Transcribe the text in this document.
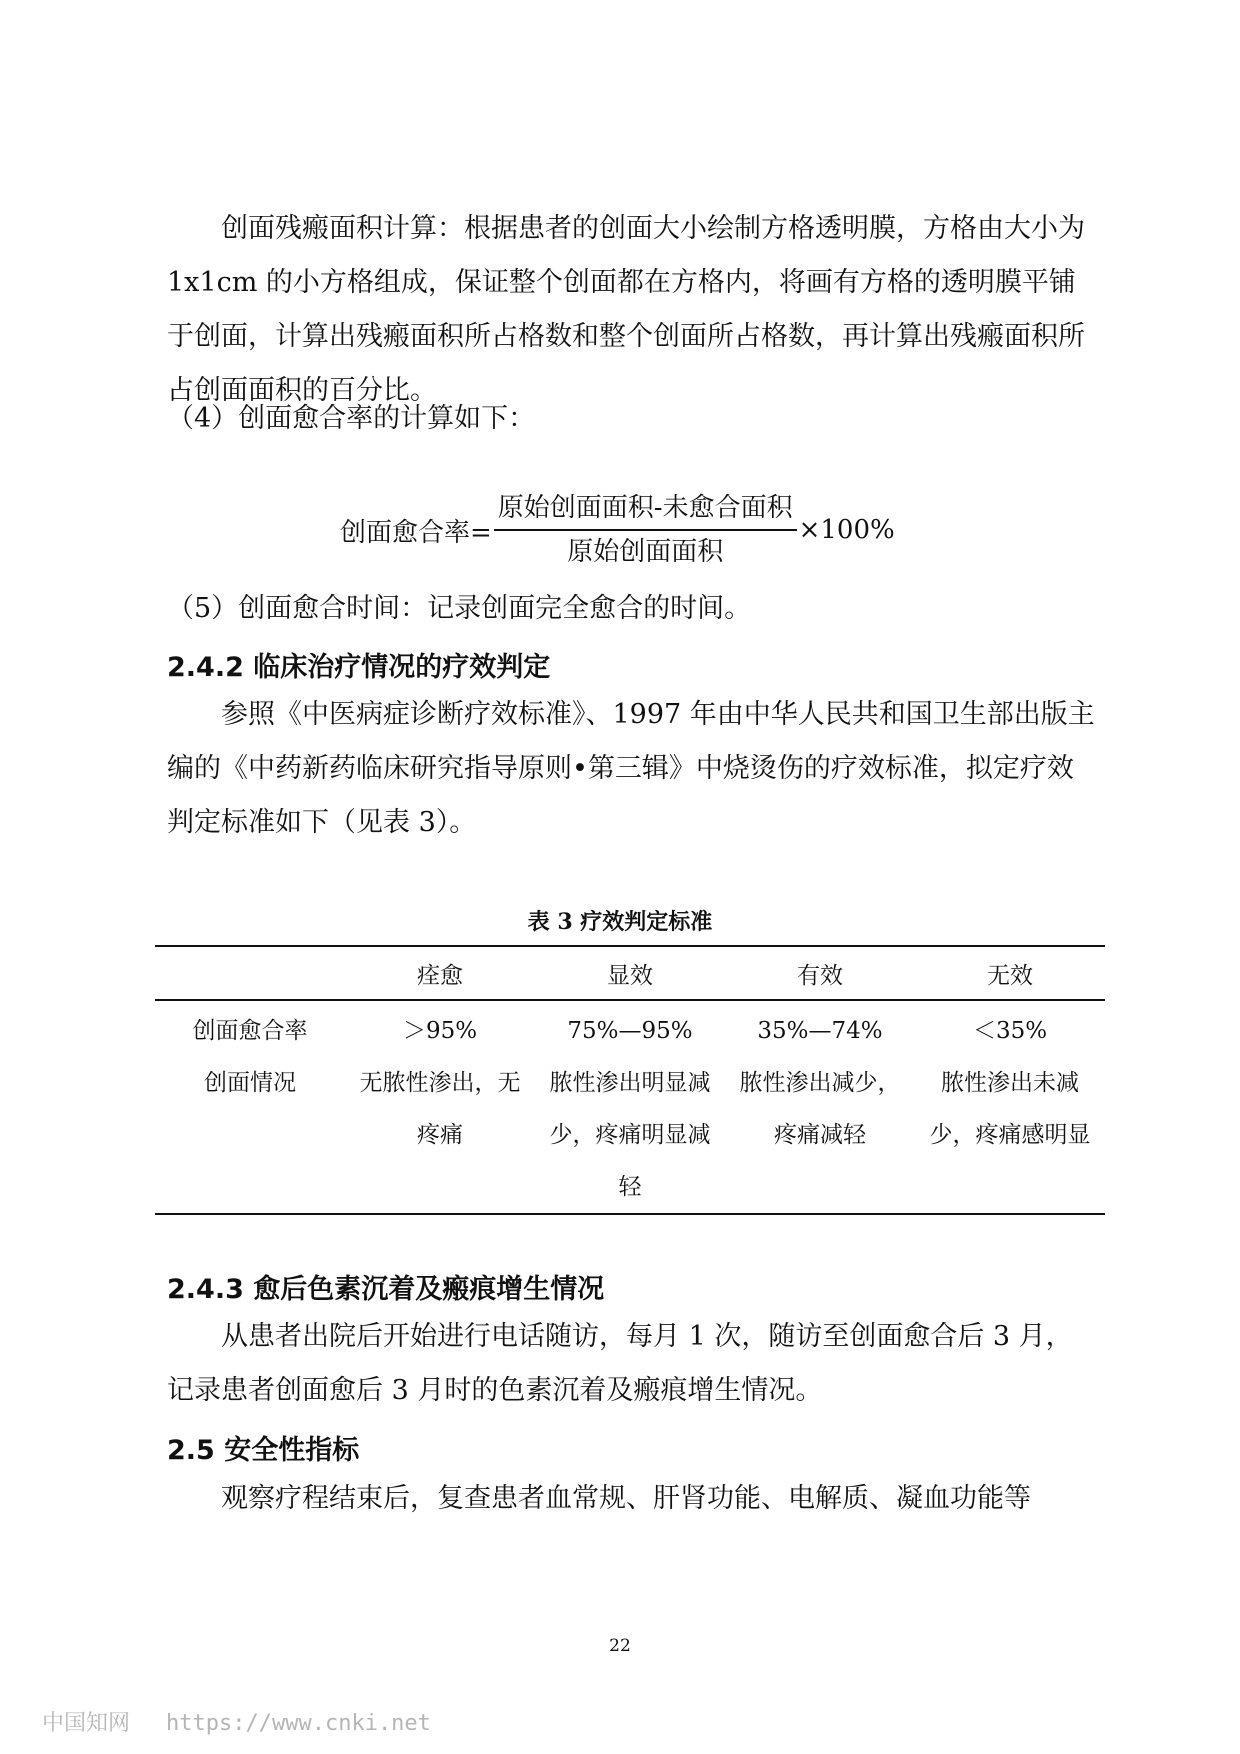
创面残瘢面积计算：根据患者的创面大小绘制方格透明膜，方格由大小为 1x1cm 的小方格组成，保证整个创面都在方格内，将画有方格的透明膜平铺于创面，计算出残瘢面积所占格数和整个创面所占格数，再计算出残瘢面积所占创面面积的百分比。
（4）创面愈合率的计算如下：
创面愈合率= $\frac{\text{原始创面面积-未愈合面积}}{\text{原始创面面积}} \times 100\%$
（5）创面愈合时间：记录创面完全愈合的时间。
2.4.2 临床治疗情况的疗效判定
参照《中医病症诊断疗效标准》、1997 年由中华人民共和国卫生部出版主编的《中药新药临床研究指导原则•第三辑》中烧烫伤的疗效标准，拟定疗效判定标准如下（见表 3）。
表 3 疗效判定标准
	痊愈	显效	有效	无效
创面愈合率	＞95%	75%—95%	35%—74%	＜35%
创面情况	无脓性渗出，无疼痛	脓性渗出明显减少，疼痛明显减轻	脓性渗出减少，疼痛减轻	脓性渗出未减少，疼痛感明显
2.4.3 愈后色素沉着及瘢痕增生情况
从患者出院后开始进行电话随访，每月 1 次，随访至创面愈合后 3 月，记录患者创面愈后 3 月时的色素沉着及瘢痕增生情况。
2.5 安全性指标
观察疗程结束后，复查患者血常规、肝肾功能、电解质、凝血功能等
22
中国知网 https://www.cnki.net
